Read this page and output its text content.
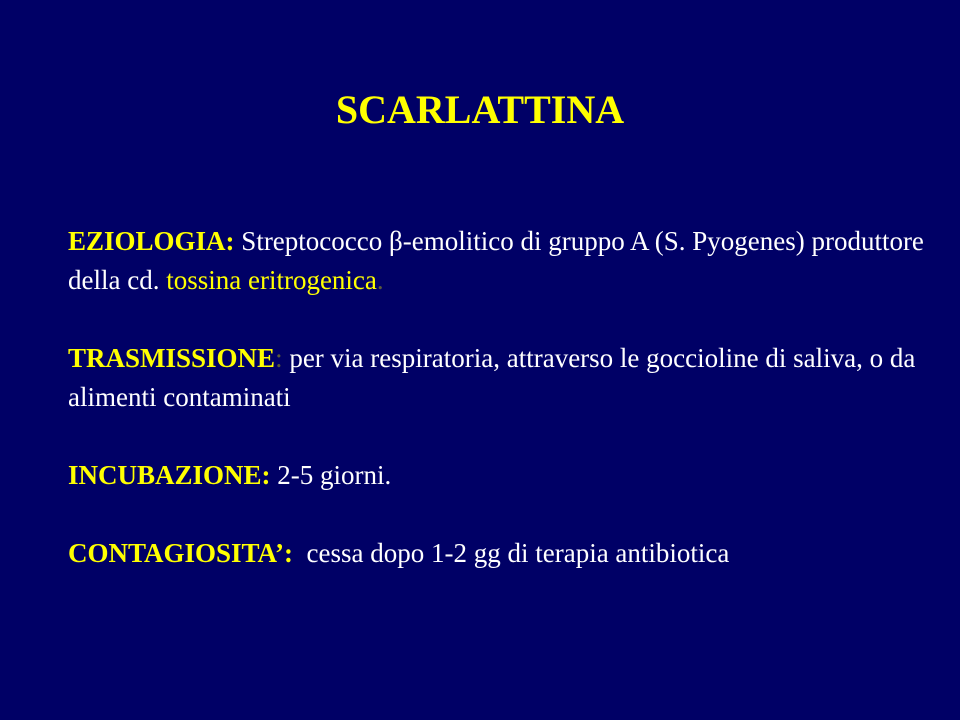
SCARLATTINA

EZIOLOGIA: Streptococco β-emolitico di gruppo A (S. Pyogenes) produttore della cd. tossina eritrogenica.

TRASMISSIONE: per via respiratoria, attraverso le goccioline di saliva, o da alimenti contaminati

INCUBAZIONE: 2-5 giorni.

CONTAGIOSITA’:  cessa dopo 1-2 gg di terapia antibiotica
